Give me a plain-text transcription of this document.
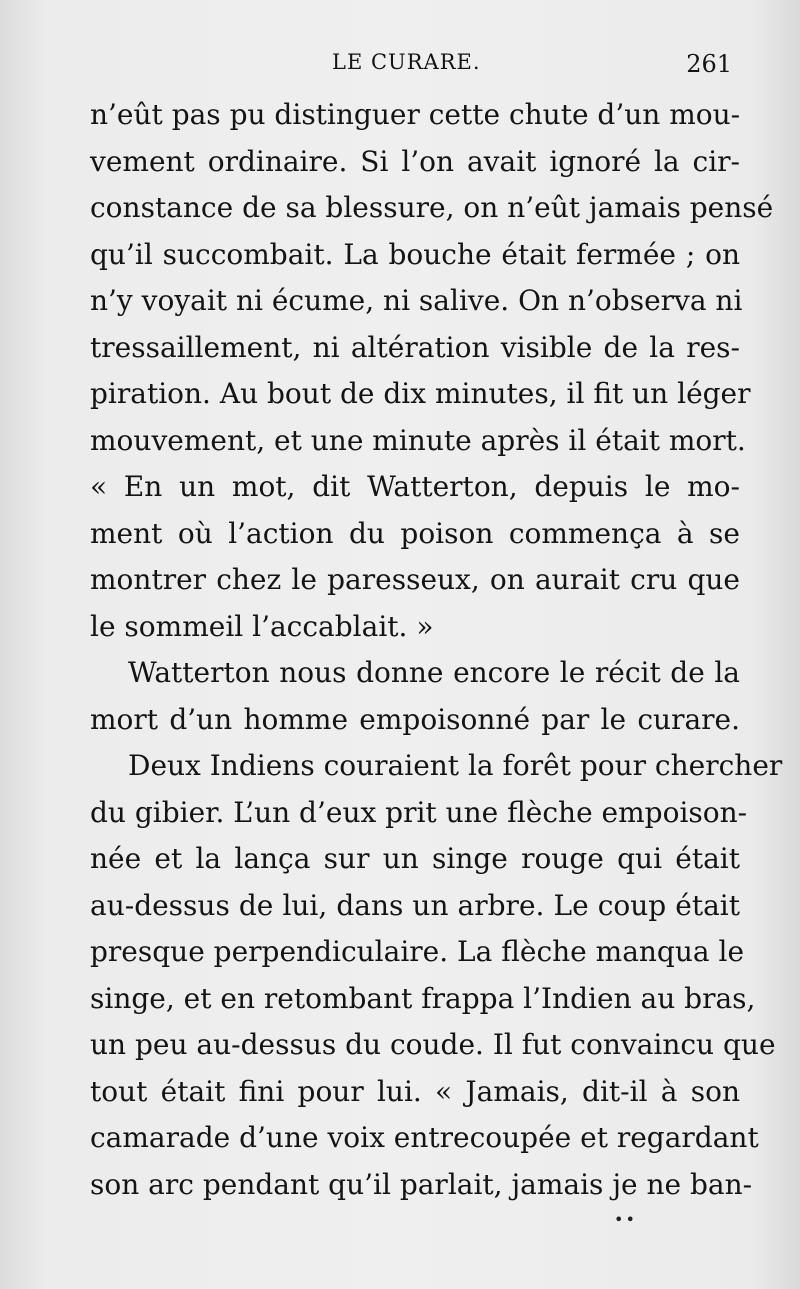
LE CURARE.	261
n’eût pas pu distinguer cette chute d’un mou-
vement ordinaire. Si l’on avait ignoré la cir-
constance de sa blessure, on n’eût jamais pensé
qu’il succombait. La bouche était fermée ; on
n’y voyait ni écume, ni salive. On n’observa ni
tressaillement, ni altération visible de la res-
piration. Au bout de dix minutes, il fit un léger
mouvement, et une minute après il était mort.
« En un mot, dit Watterton, depuis le mo-
ment où l’action du poison commença à se
montrer chez le paresseux, on aurait cru que
le sommeil l’accablait. »
Watterton nous donne encore le récit de la
mort d’un homme empoisonné par le curare.
Deux Indiens couraient la forêt pour chercher
du gibier. L’un d’eux prit une flèche empoison-
née et la lança sur un singe rouge qui était
au-dessus de lui, dans un arbre. Le coup était
presque perpendiculaire. La flèche manqua le
singe, et en retombant frappa l’Indien au bras,
un peu au-dessus du coude. Il fut convaincu que
tout était fini pour lui. « Jamais, dit-il à son
camarade d’une voix entrecoupée et regardant
son arc pendant qu’il parlait, jamais je ne ban-
••
